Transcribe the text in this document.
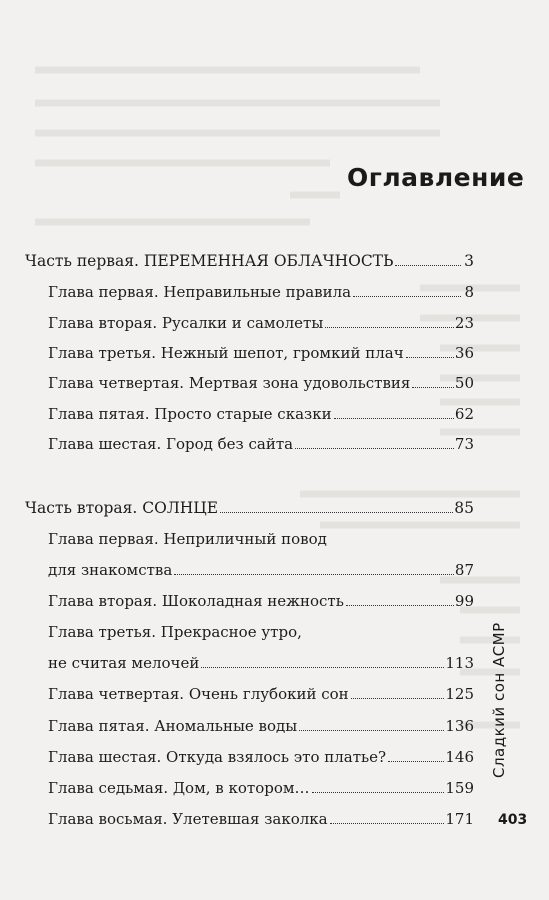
Оглавление
Часть первая. ПЕРЕМЕННАЯ ОБЛАЧНОСТЬ	3
Глава первая. Неправильные правила	8
Глава вторая. Русалки и самолеты	23
Глава третья. Нежный шепот, громкий плач	36
Глава четвертая. Мертвая зона удовольствия	50
Глава пятая. Просто старые сказки	62
Глава шестая. Город без сайта	73
Часть вторая. СОЛНЦЕ	85
Глава первая. Неприличный повод
для знакомства	87
Глава вторая. Шоколадная нежность	99
Глава третья. Прекрасное утро,
не считая мелочей	113
Глава четвертая. Очень глубокий сон	125
Глава пятая. Аномальные воды	136
Глава шестая. Откуда взялось это платье?	146
Глава седьмая. Дом, в котором…	159
Глава восьмая. Улетевшая заколка	171
Сладкий сон АСМР
403
